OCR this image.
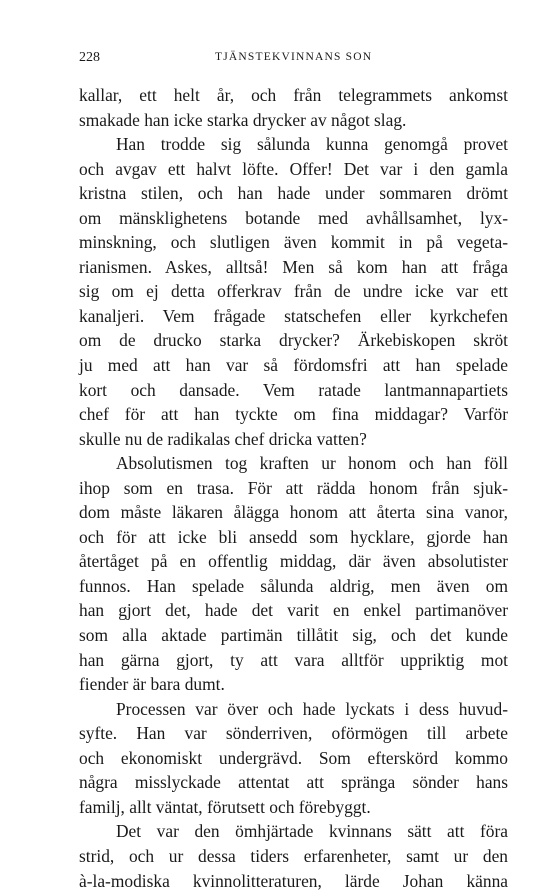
228	TJÄNSTEKVINNANS SON
kallar, ett helt år, och från telegrammets ankomst
smakade han icke starka drycker av något slag.
Han trodde sig sålunda kunna genomgå provet
och avgav ett halvt löfte. Offer! Det var i den gamla
kristna stilen, och han hade under sommaren drömt
om mänsklighetens botande med avhållsamhet, lyx-
minskning, och slutligen även kommit in på vegeta-
rianismen. Askes, alltså! Men så kom han att fråga
sig om ej detta offerkrav från de undre icke var ett
kanaljeri. Vem frågade statschefen eller kyrkchefen
om de drucko starka drycker? Ärkebiskopen skröt
ju med att han var så fördomsfri att han spelade
kort och dansade. Vem ratade lantmannapartiets
chef för att han tyckte om fina middagar? Varför
skulle nu de radikalas chef dricka vatten?
Absolutismen tog kraften ur honom och han föll
ihop som en trasa. För att rädda honom från sjuk-
dom måste läkaren ålägga honom att återta sina vanor,
och för att icke bli ansedd som hycklare, gjorde han
återtåget på en offentlig middag, där även absolutister
funnos. Han spelade sålunda aldrig, men även om
han gjort det, hade det varit en enkel partimanöver
som alla aktade partimän tillåtit sig, och det kunde
han gärna gjort, ty att vara alltför uppriktig mot
fiender är bara dumt.
Processen var över och hade lyckats i dess huvud-
syfte. Han var sönderriven, oförmögen till arbete
och ekonomiskt undergrävd. Som efterskörd kommo
några misslyckade attentat att spränga sönder hans
familj, allt väntat, förutsett och förebyggt.
Det var den ömhjärtade kvinnans sätt att föra
strid, och ur dessa tiders erfarenheter, samt ur den
à-la-modiska kvinnolitteraturen, lärde Johan känna
